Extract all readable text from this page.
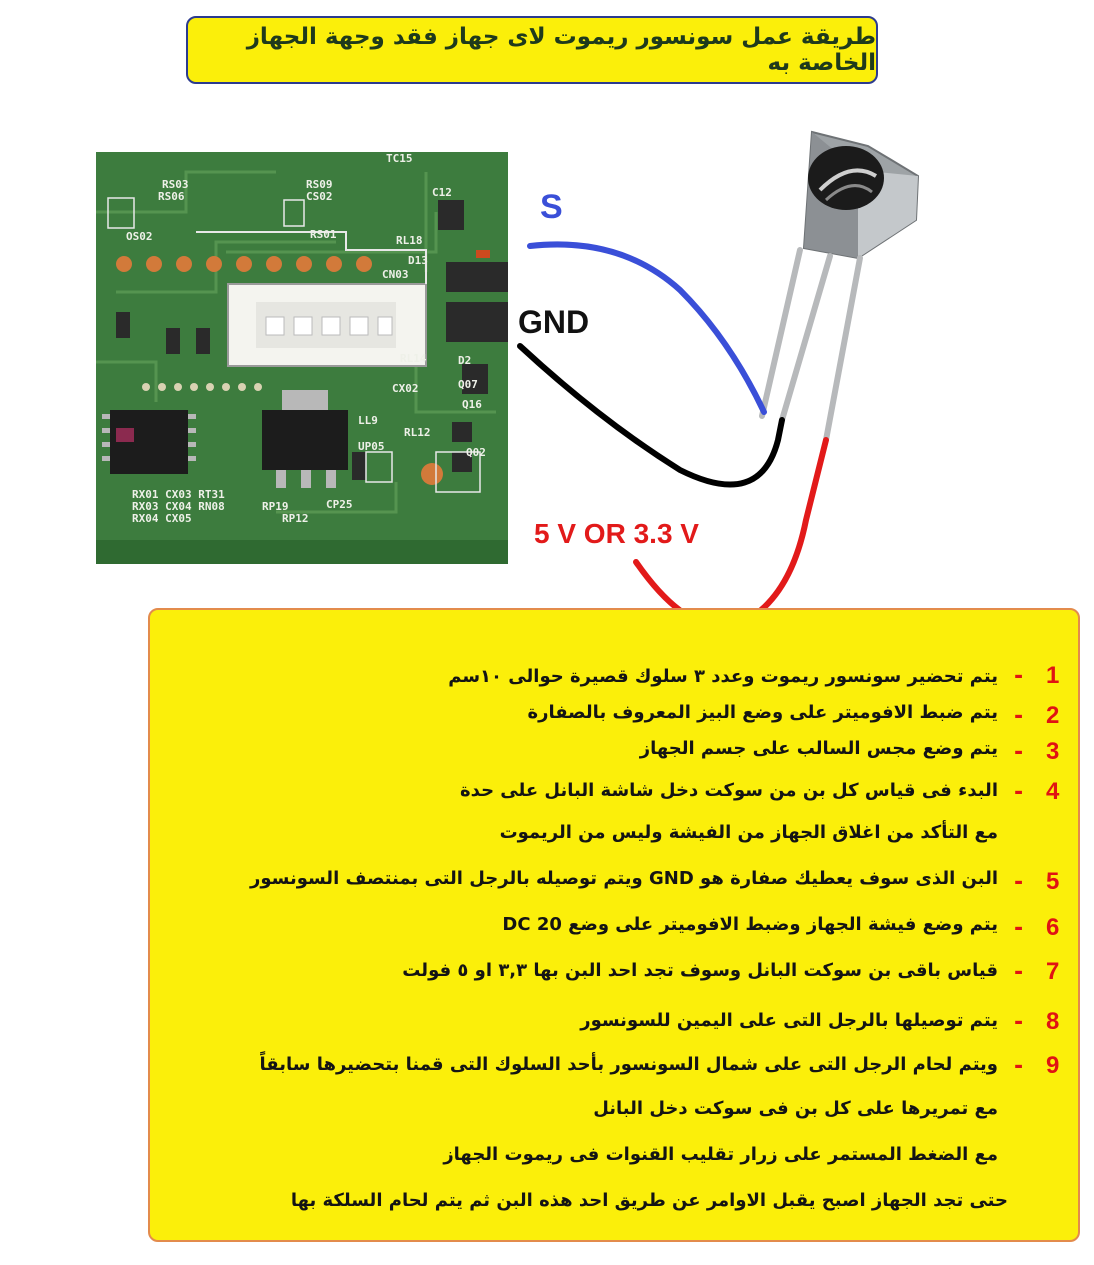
طريقة عمل سونسور ريموت لاى جهاز فقد وجهة الجهاز الخاصة به
OS02
RS03
RS06
RS09
CS02
RS01	RL18
TC15
C12
D13
CN03
D2
Q07
Q16
Q02
RL14
CX02
LL9
UP05
RP19
RP12
CP25
RL12
RX01 CX03 RT31
RX03 CX04 RN08
RX04 CX05
S
GND
5 V OR 3.3 V
1
-
يتم تحضير سونسور ريموت وعدد ٣ سلوك قصيرة حوالى ١٠سم
2
-
يتم ضبط الافوميتر على وضع البيز المعروف بالصفارة
3
-
يتم وضع مجس السالب على جسم الجهاز
4
-
البدء فى قياس كل بن من سوكت دخل شاشة البانل على حدة
مع التأكد من اغلاق الجهاز من الفيشة وليس من الريموت
5
-
البن الذى سوف يعطيك صفارة هو GND ويتم توصيله بالرجل التى بمنتصف السونسور
6
-
يتم وضع فيشة الجهاز وضبط الافوميتر على وضع 20 DC
7
-
قياس باقى بن سوكت البانل وسوف تجد احد البن بها ٣,٣ او ٥ فولت
8
-
يتم توصيلها بالرجل التى على اليمين للسونسور
9
-
ويتم لحام الرجل التى على شمال السونسور بأحد السلوك التى قمنا بتحضيرها سابقاً
مع تمريرها على كل بن فى سوكت دخل البانل
مع الضغط المستمر على زرار تقليب القنوات فى ريموت الجهاز
حتى تجد الجهاز اصبح يقبل الاوامر عن طريق احد هذه البن ثم يتم لحام السلكة بها
